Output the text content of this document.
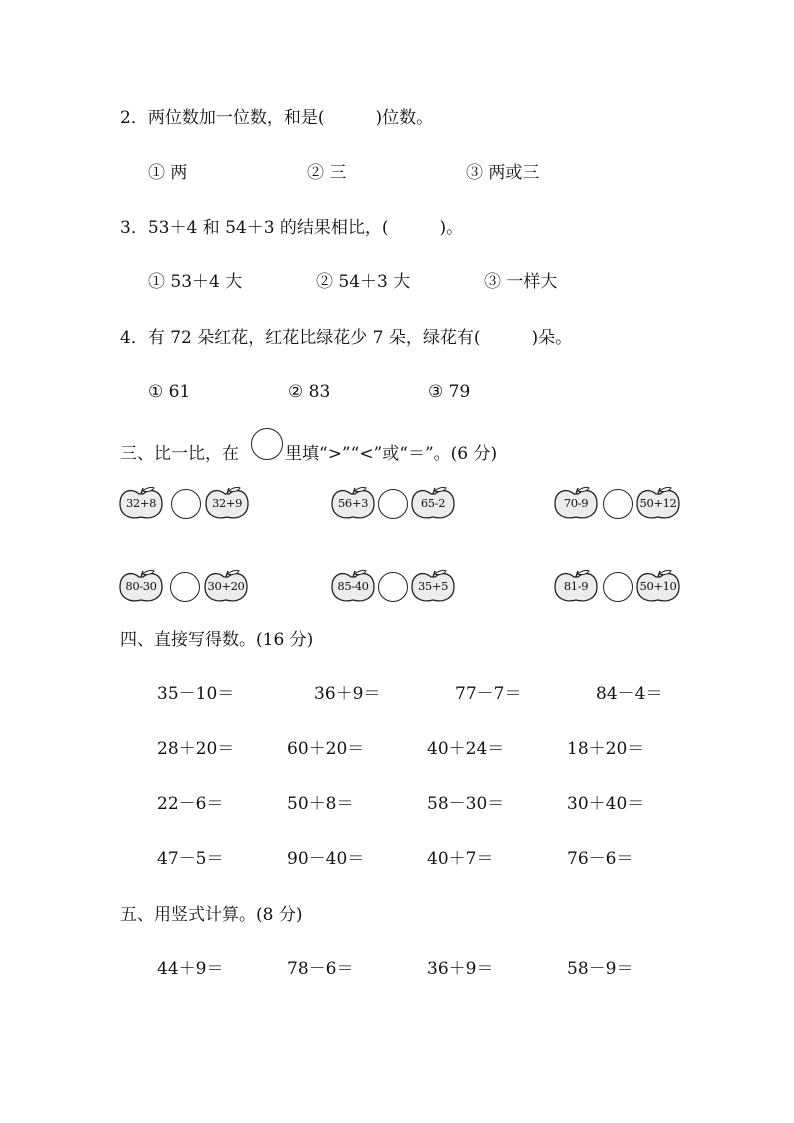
2．两位数加一位数，和是(　　　)位数。
① 两	② 三	③ 两或三
3．53＋4 和 54＋3 的结果相比，(　　　)。
① 53＋4 大	② 54＋3 大	③ 一样大
4．有 72 朵红花，红花比绿花少 7 朵，绿花有(　　　)朵。
① 61	② 83	③ 79
三、比一比，在	里填“>”“<”或“＝”。(6 分)
32+8	32+9	56+3	65-2	70-9	50+12
80-30	30+20	85-40	35+5	81-9	50+10
四、直接写得数。(16 分)
35－10＝	36＋9＝	77－7＝	84－4＝
28＋20＝	60＋20＝	40＋24＝	18＋20＝
22－6＝	50＋8＝	58－30＝	30＋40＝
47－5＝	90－40＝	40＋7＝	76－6＝
五、用竖式计算。(8 分)
44＋9＝	78－6＝	36＋9＝	58－9＝
